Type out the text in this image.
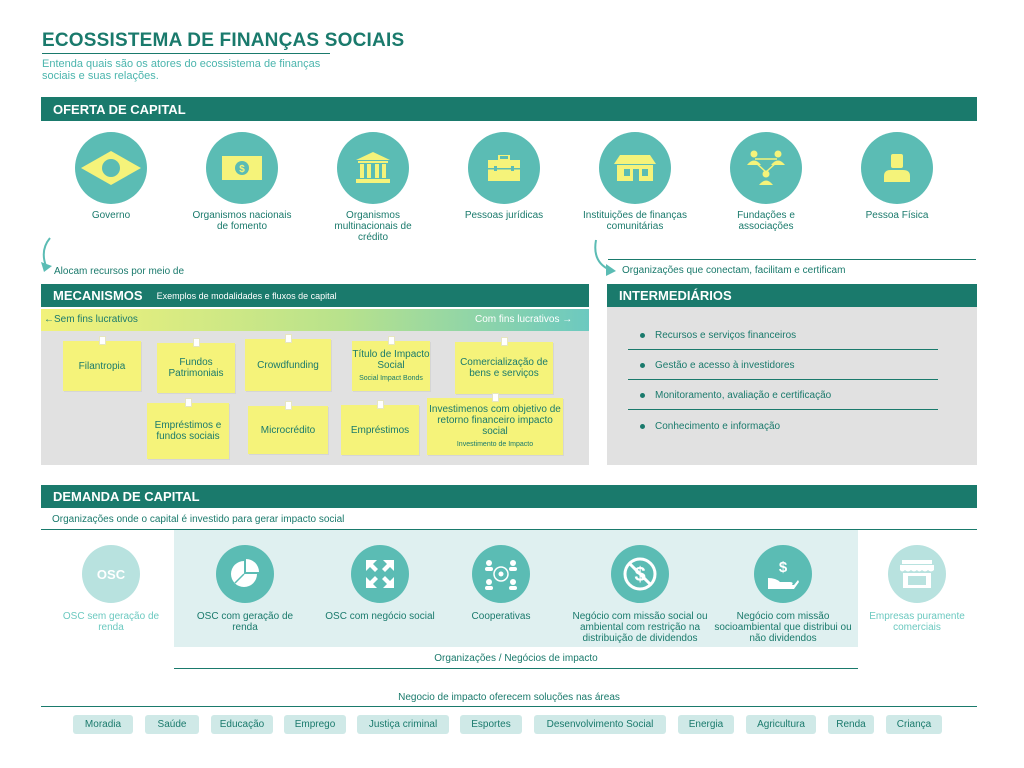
ECOSSISTEMA DE FINANÇAS SOCIAIS
Entenda quais são os atores do ecossistema de finanças sociais e suas relações.
OFERTA DE CAPITAL
Governo
$
Organismos nacionais de fomento
Organismos multinacionais de crédito
Pessoas jurídicas	Instituições de finanças comunitárias
Fundações e associações
Pessoa Física
Alocam recursos por meio de	Organizações que conectam, facilitam e certificam
MECANISMOS Exemplos de modalidades e fluxos de capital
←Sem fins lucrativos	Com fins lucrativos →
Filantropia	Fundos Patrimoniais
Crowdfunding
Título de Impacto Social
Social Impact Bonds
Comercialização de bens e serviços
Empréstimos e fundos sociais
Microcrédito	Empréstimos
Investimenos com objetivo de retorno financeiro impacto social
Investimento de Impacto
INTERMEDIÁRIOS
Recursos e serviços financeiros
Gestão e acesso à investidores
Monitoramento, avaliação e certificação
Conhecimento e informação
DEMANDA DE CAPITAL
Organizações onde o capital é investido para gerar impacto social
OSC
OSC sem geração de renda
OSC com geração de renda
OSC com negócio social	Cooperativas
$
Negócio com missão social ou ambiental com restrição na distribuição de dividendos
$
Negócio com missão socioambiental que distribui ou não dividendos
Empresas puramente comerciais
Organizações / Negócios de impacto
Negocio de impacto oferecem soluções nas áreas
Moradia	Saúde	Educação	Emprego	Justiça criminal	Esportes	Desenvolvimento Social	Energia	Agricultura	Renda	Criança
